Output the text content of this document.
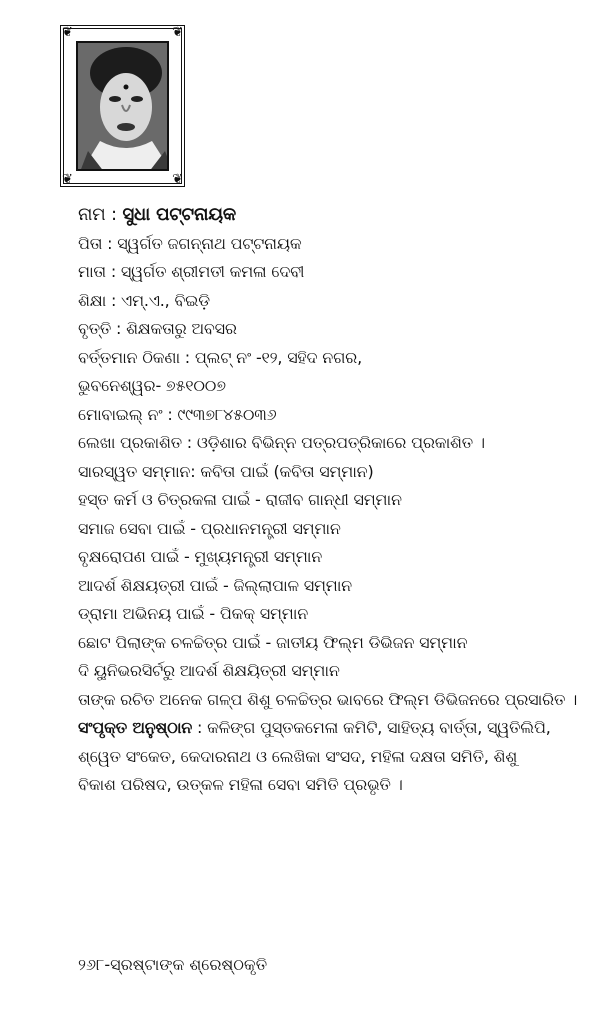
❦	❦
❦	❦
ନାମ : ସୁଧା ପଟ୍ଟନାୟକ
ପିତା : ସ୍ୱର୍ଗତ ଜଗନ୍ନାଥ ପଟ୍ଟନାୟକ
ମାତା : ସ୍ୱର୍ଗତ ଶ୍ରୀମତୀ କମଳା ଦେବୀ
ଶିକ୍ଷା : ଏମ୍.ଏ., ବିଇଡ଼ି
ବୃତ୍ତି : ଶିକ୍ଷକତାରୁ ଅବସର
ବର୍ତ୍ତମାନ ଠିକଣା : ପ୍ଲଟ୍ ନଂ -୧୨, ସହିଦ ନଗର,
ଭୁବନେଶ୍ୱର- ୭୫୧୦୦୭
ମୋବାଇଲ୍ ନଂ : ୯୯୩୭୮୪୫୦୩୬
ଲେଖା ପ୍ରକାଶିତ : ଓଡ଼ିଶାର ବିଭିନ୍ନ ପତ୍ରପତ୍ରିକାରେ ପ୍ରକାଶିତ ।
ସାରସ୍ୱତ ସମ୍ମାନ: କବିତା ପାଇଁ (କବିତା ସମ୍ମାନ)
ହସ୍ତ କର୍ମ ଓ ଚିତ୍ରକଳା ପାଇଁ - ରାଜୀବ ଗାନ୍ଧୀ ସମ୍ମାନ
ସମାଜ ସେବା ପାଇଁ - ପ୍ରଧାନମନ୍ତ୍ରୀ ସମ୍ମାନ
ବୃକ୍ଷରୋପଣ ପାଇଁ - ମୁଖ୍ୟମନ୍ତ୍ରୀ ସମ୍ମାନ
ଆଦର୍ଶ ଶିକ୍ଷୟତ୍ରୀ ପାଇଁ - ଜିଲ୍ଲାପାଳ ସମ୍ମାନ
ଡ୍ରାମା ଅଭିନୟ ପାଇଁ - ପିକକ୍ ସମ୍ମାନ
ଛୋଟ ପିଲାଙ୍କ ଚଳଚ୍ଚିତ୍ର ପାଇଁ - ଜାତୀୟ ଫିଲ୍ମ ଡିଭିଜନ ସମ୍ମାନ
ଦି ୟୁନିଭରସିର୍ଟରୁ ଆଦର୍ଶ ଶିକ୍ଷୟିତ୍ରୀ ସମ୍ମାନ
ତାଙ୍କ ରଚିତ ଅନେକ ଗଳ୍ପ ଶିଶୁ ଚଳଚ୍ଚିତ୍ର ଭାବରେ ଫିଲ୍ମ ଡିଭିଜନରେ ପ୍ରସାରିତ ।
ସଂପୃକ୍ତ ଅନୁଷ୍ଠାନ : କଳିଙ୍ଗ ପୁସ୍ତକମେଳା କମିଟି, ସାହିତ୍ୟ ବାର୍ତ୍ତା, ସ୍ୱତିଲିପି,
ଶ୍ୱେତ ସଂକେତ, କେଦାରନାଥ ଓ ଲେଖିକା ସଂସଦ, ମହିଳା ଦକ୍ଷତା ସମିତି, ଶିଶୁ
ବିକାଶ ପରିଷଦ, ଉତ୍କଳ ମହିଳା ସେବା ସମିତି ପ୍ରଭୃତି ।
୨୬୮-ସ୍ରଷ୍ଟାଙ୍କ ଶ୍ରେଷ୍ଠକୃତି
